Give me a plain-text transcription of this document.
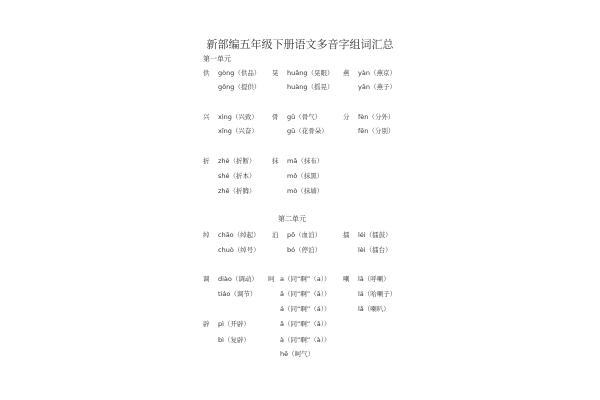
新部编五年级下册语文多音字组词汇总
第一单元
供 gòng（供品）
gōng（提供）
晃 huǎng（晃眼）
huàng（摇晃）
燕 yàn（燕京）
yān（燕子）
兴 xìng（兴致）
xīng（兴奋）
骨 gǔ（骨气）
gū（花骨朵）
分 fèn（分外）
fēn（分别）
折 zhé（折断）
shé（折本）
zhē（折腾）
抹 mā（抹布）
mǒ（抹黑）
mò（抹墙）
第二单元
绰 chāo（绰起）
chuò（绰号）
泊 pō（血泊）
bó（停泊）
擂 léi（擂鼓）
lèi（擂台）
调 diào（调动）
tiáo（调节）
呵 a（同“啊”（a））
ā（同“啊”（ā））
á（同“啊”（á））
ǎ（同“啊”（ǎ））
à（同“啊”（à））
hē（呵气）
喇 lā（呼喇）
lá（哈喇子）
lǎ（喇叭）
辟 pì（开辟）
bì（复辟）
